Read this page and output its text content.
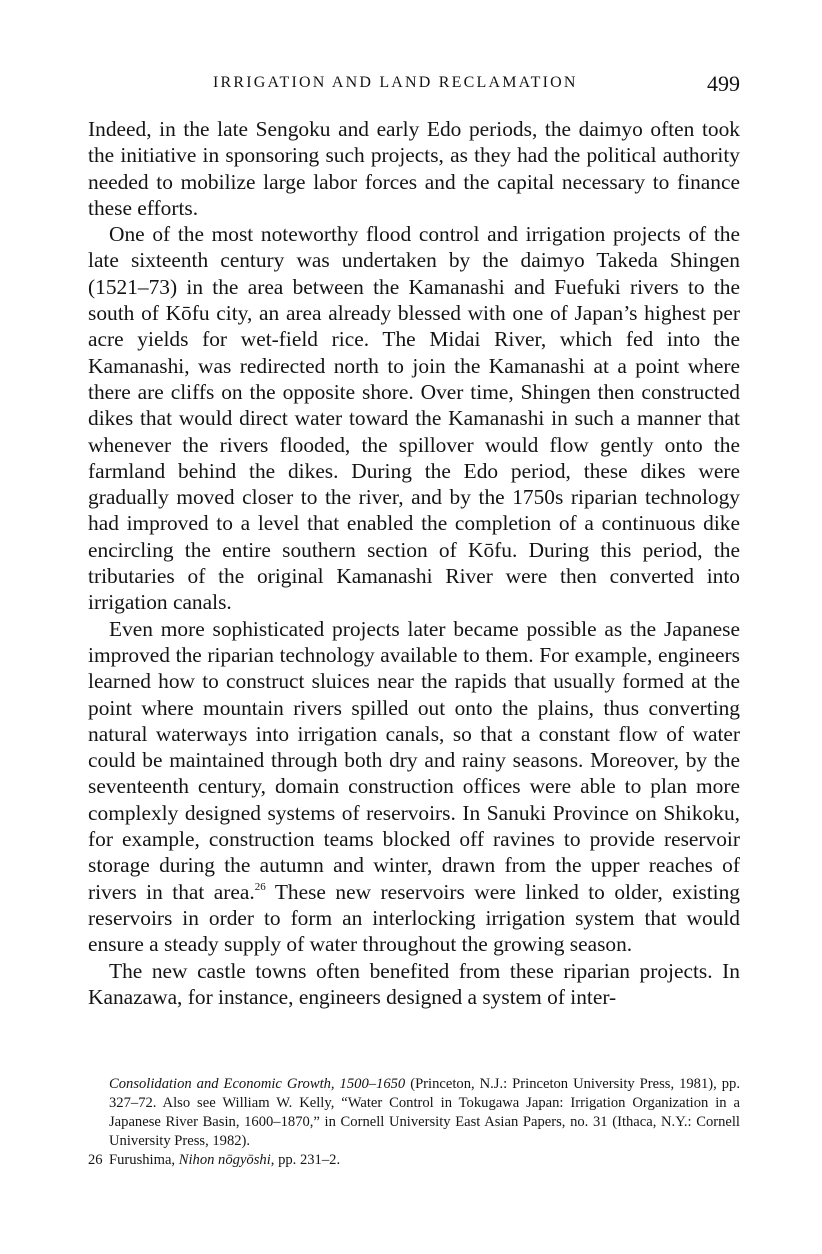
IRRIGATION AND LAND RECLAMATION	499

Indeed, in the late Sengoku and early Edo periods, the daimyo often took the initiative in sponsoring such projects, as they had the political authority needed to mobilize large labor forces and the capital necessary to finance these efforts.

One of the most noteworthy flood control and irrigation projects of the late sixteenth century was undertaken by the daimyo Takeda Shingen (1521–73) in the area between the Kamanashi and Fuefuki rivers to the south of Kōfu city, an area already blessed with one of Japan’s highest per acre yields for wet-field rice. The Midai River, which fed into the Kamanashi, was redirected north to join the Kamanashi at a point where there are cliffs on the opposite shore. Over time, Shingen then constructed dikes that would direct water toward the Kamanashi in such a manner that whenever the rivers flooded, the spillover would flow gently onto the farmland behind the dikes. During the Edo period, these dikes were gradually moved closer to the river, and by the 1750s riparian technology had improved to a level that enabled the completion of a continuous dike encircling the entire southern section of Kōfu. During this period, the tributaries of the original Kamanashi River were then converted into irrigation canals.

Even more sophisticated projects later became possible as the Japanese improved the riparian technology available to them. For example, engineers learned how to construct sluices near the rapids that usually formed at the point where mountain rivers spilled out onto the plains, thus converting natural waterways into irrigation canals, so that a constant flow of water could be maintained through both dry and rainy seasons. Moreover, by the seventeenth century, domain construction offices were able to plan more complexly designed systems of reservoirs. In Sanuki Province on Shikoku, for example, construction teams blocked off ravines to provide reservoir storage during the autumn and winter, drawn from the upper reaches of rivers in that area.$^{26}$ These new reservoirs were linked to older, existing reservoirs in order to form an interlocking irrigation system that would ensure a steady supply of water throughout the growing season.

The new castle towns often benefited from these riparian projects. In Kanazawa, for instance, engineers designed a system of inter-

Consolidation and Economic Growth, 1500–1650 (Princeton, N.J.: Princeton University Press, 1981), pp. 327–72. Also see William W. Kelly, “Water Control in Tokugawa Japan: Irrigation Organization in a Japanese River Basin, 1600–1870,” in Cornell University East Asian Papers, no. 31 (Ithaca, N.Y.: Cornell University Press, 1982).

26 Furushima, Nihon nōgyōshi, pp. 231–2.
